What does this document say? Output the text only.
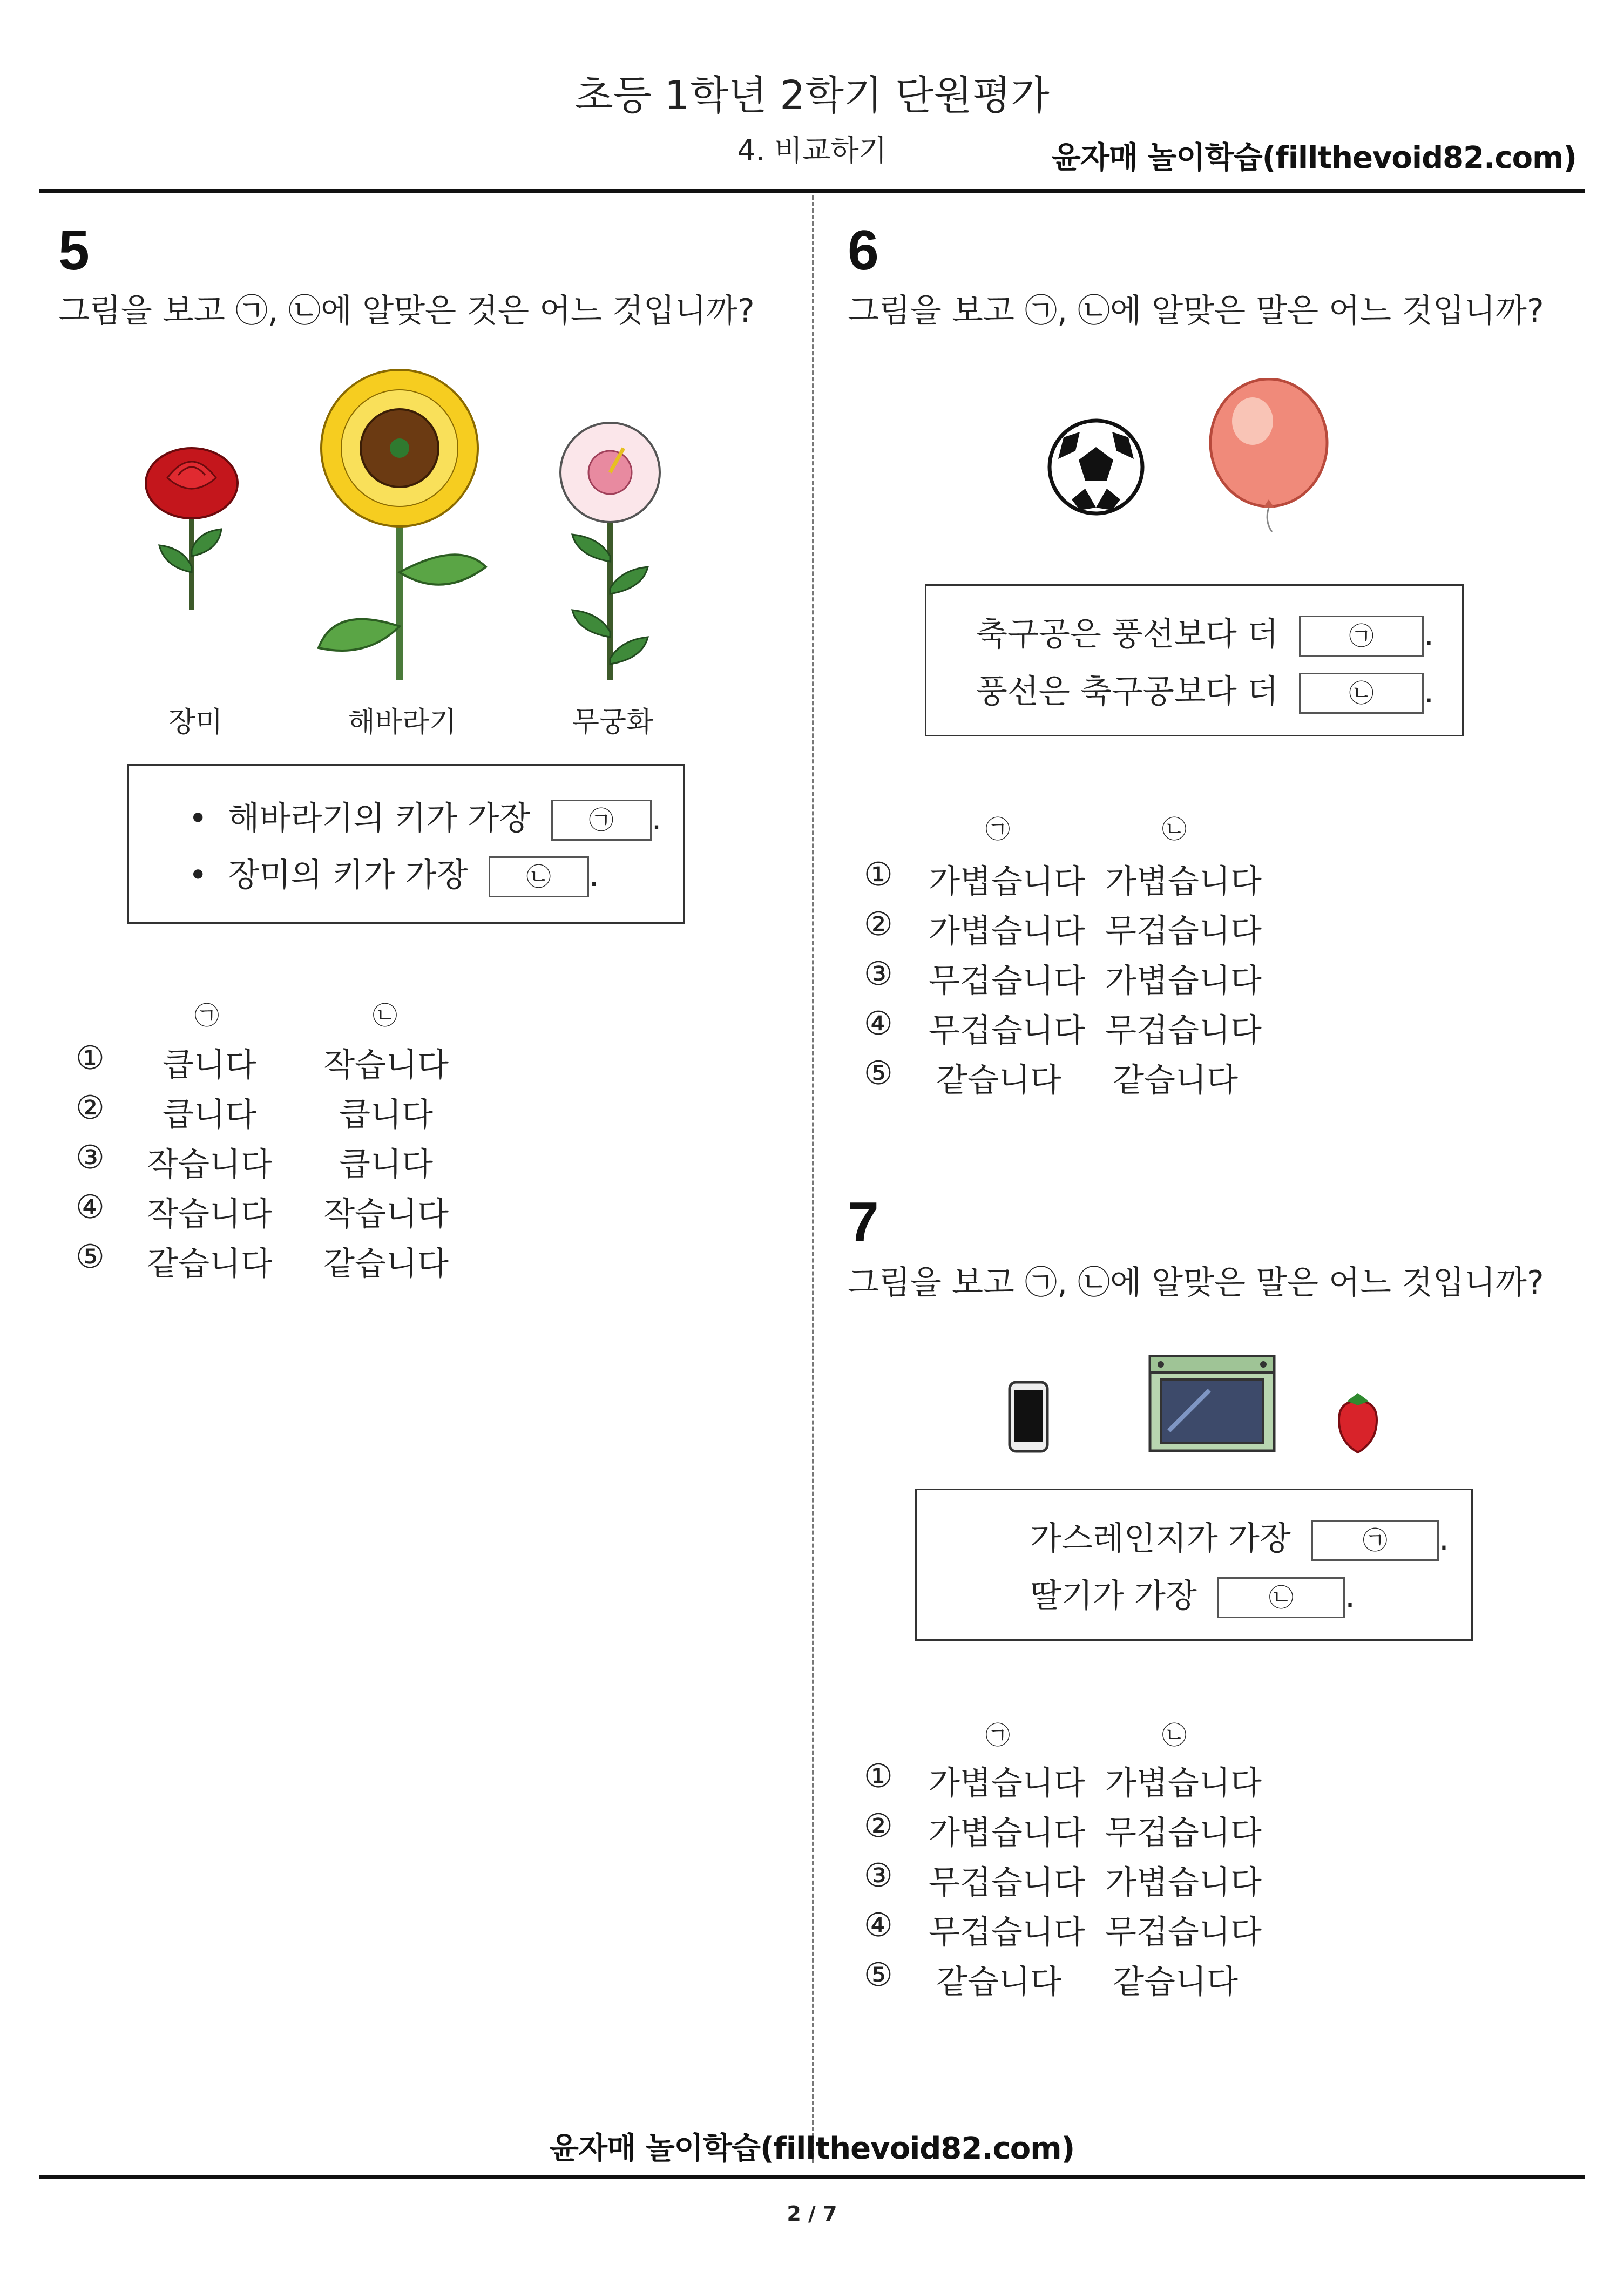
초등 1학년 2학기 단원평가
4. 비교하기	윤자매 놀이학습(fillthevoid82.com)
5
그림을 보고 ㉠, ㉡에 알맞은 것은 어느 것입니까?
장미	해바라기	무궁화
• 해바라기의 키가 가장 ㉠ .
• 장미의 키가 가장 ㉡ .
㉠	㉡
①	큽니다	작습니다
②	큽니다	큽니다
③ 작습니다	큽니다
④ 작습니다 작습니다
⑤ 같습니다 같습니다
6
그림을 보고 ㉠, ㉡에 알맞은 말은 어느 것입니까?
축구공은 풍선보다 더	㉠ .
풍선은 축구공보다 더	㉡ .
㉠	㉡
① 가볍습니다 가볍습니다
② 가볍습니다 무겁습니다
③ 무겁습니다 가볍습니다
④ 무겁습니다 무겁습니다
⑤ 같습니다 같습니다
7
그림을 보고 ㉠, ㉡에 알맞은 말은 어느 것입니까?
가스레인지가 가장	㉠ .
딸기가 가장	㉡ .
㉠	㉡
① 가볍습니다 가볍습니다
② 가볍습니다 무겁습니다
③ 무겁습니다 가볍습니다
④ 무겁습니다 무겁습니다
⑤ 같습니다 같습니다
윤자매 놀이학습(fillthevoid82.com)
2 / 7
